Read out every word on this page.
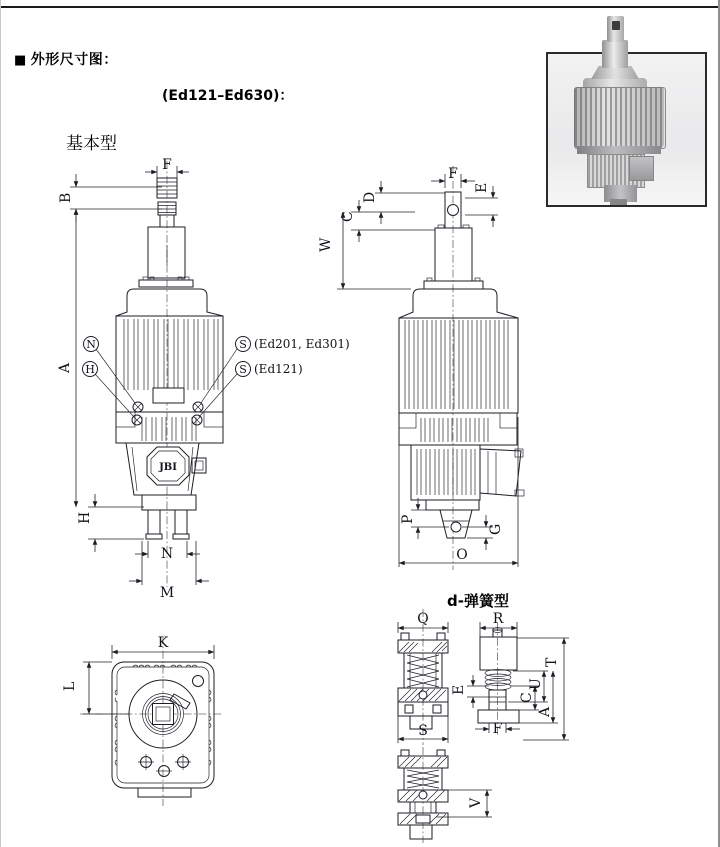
■ 外形尺寸图：
(Ed121–Ed630)：
基本型
d-弹簧型
JBI
F
B
A
H
N
M
N
H
S (Ed201, Ed301)
S (Ed121)
F
E
D
C
W
P
G
O
K
L
Q
S
R
E
F
C
U
A
T
V
